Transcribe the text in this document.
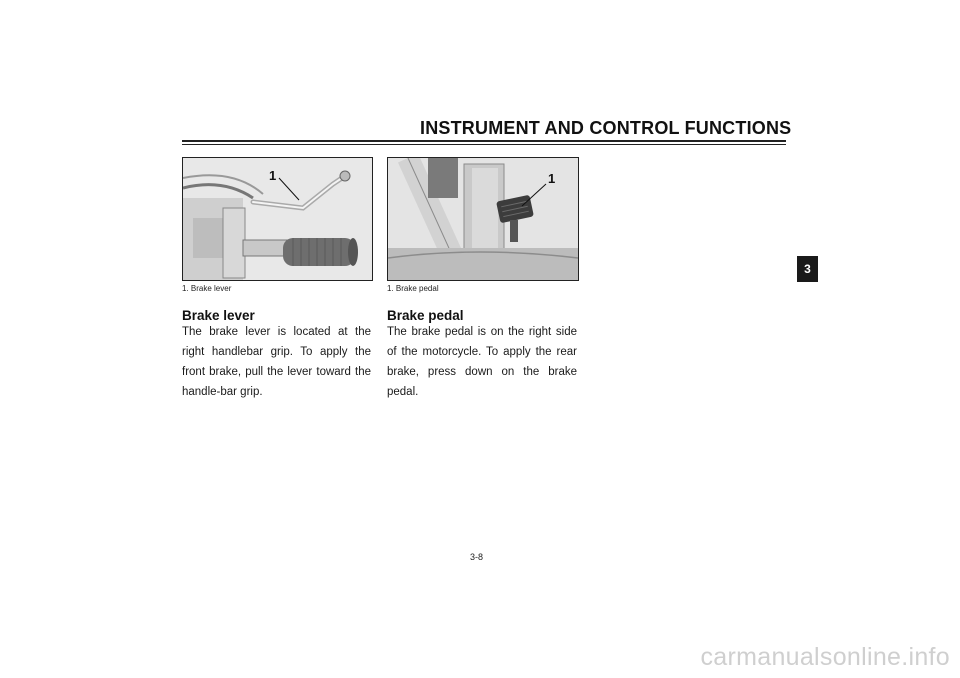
INSTRUMENT AND CONTROL FUNCTIONS
3
1
1. Brake lever
Brake lever
The brake lever is located at the right handlebar grip. To apply the front brake, pull the lever toward the handle-bar grip.
1
1. Brake pedal
Brake pedal
The brake pedal is on the right side of the motorcycle. To apply the rear brake, press down on the brake pedal.
3-8
carmanualsonline.info
